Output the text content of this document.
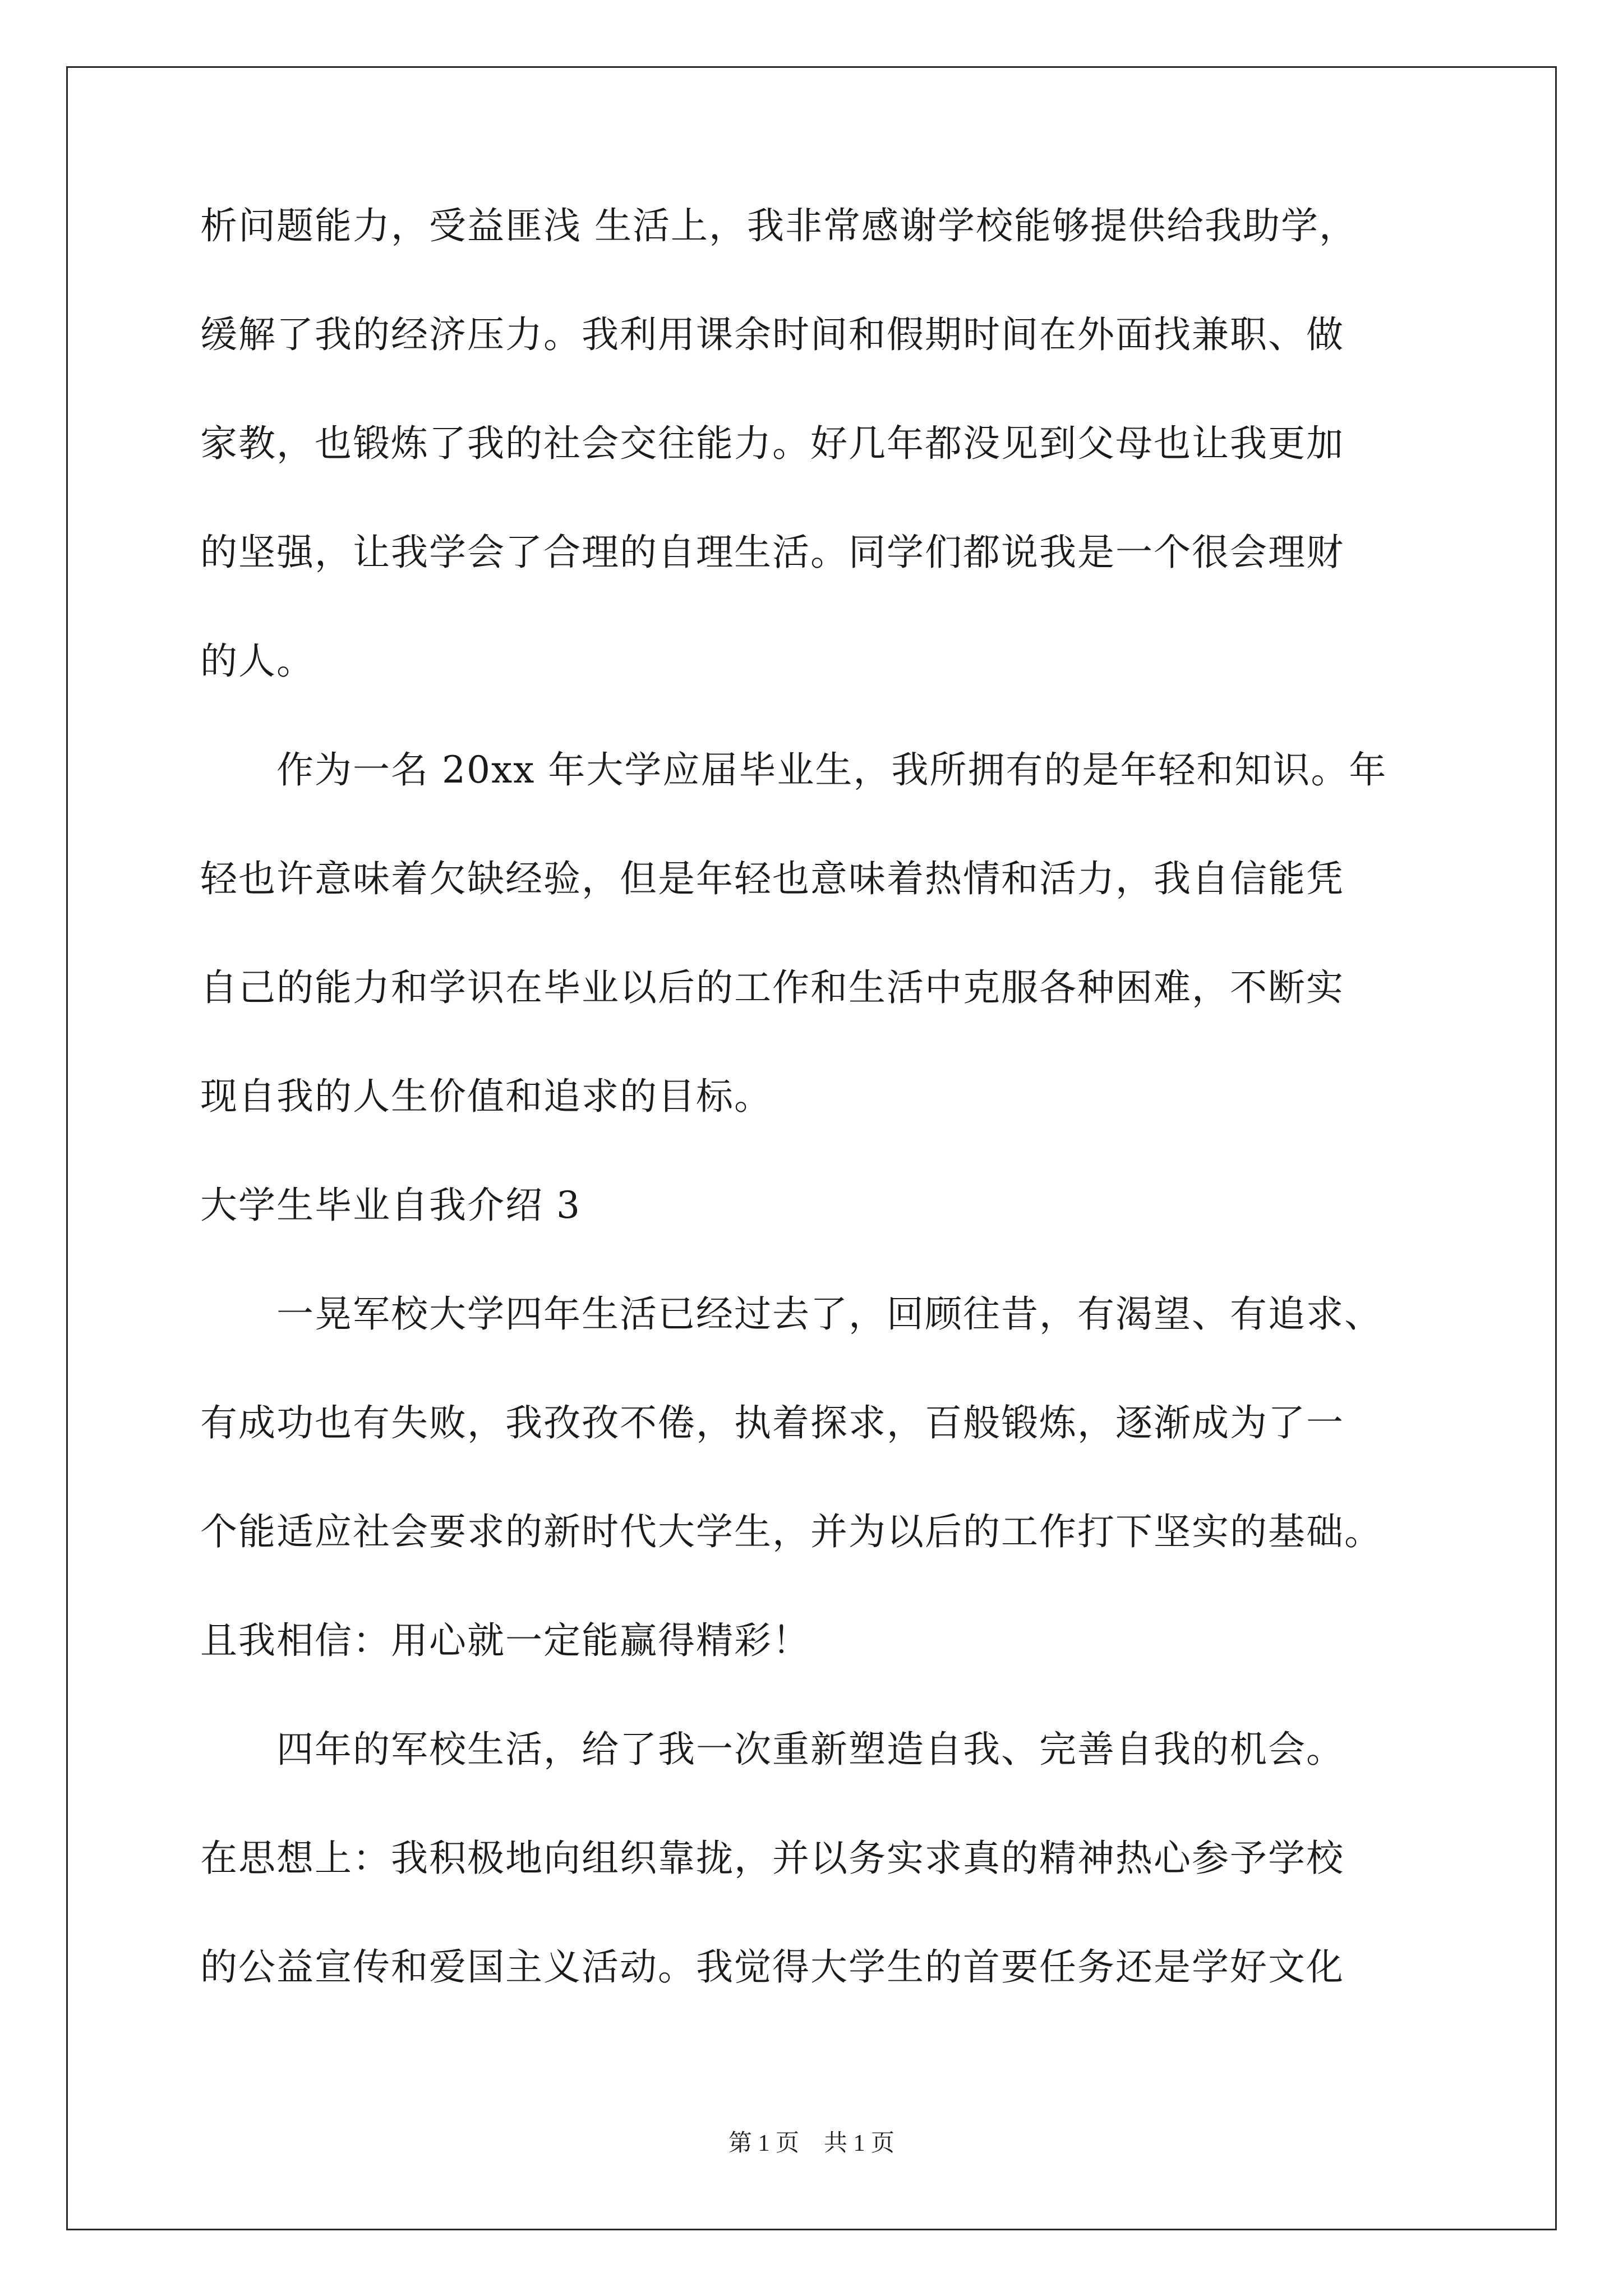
析问题能力，受益匪浅 生活上，我非常感谢学校能够提供给我助学，
缓解了我的经济压力。我利用课余时间和假期时间在外面找兼职、做
家教，也锻炼了我的社会交往能力。好几年都没见到父母也让我更加
的坚强，让我学会了合理的自理生活。同学们都说我是一个很会理财
的人。
　　作为一名 20xx 年大学应届毕业生，我所拥有的是年轻和知识。年
轻也许意味着欠缺经验，但是年轻也意味着热情和活力，我自信能凭
自己的能力和学识在毕业以后的工作和生活中克服各种困难，不断实
现自我的人生价值和追求的目标。
大学生毕业自我介绍 3
　　一晃军校大学四年生活已经过去了，回顾往昔，有渴望、有追求、
有成功也有失败，我孜孜不倦，执着探求，百般锻炼，逐渐成为了一
个能适应社会要求的新时代大学生，并为以后的工作打下坚实的基础。
且我相信：用心就一定能赢得精彩！
　　四年的军校生活，给了我一次重新塑造自我、完善自我的机会。
在思想上：我积极地向组织靠拢，并以务实求真的精神热心参予学校
的公益宣传和爱国主义活动。我觉得大学生的首要任务还是学好文化
第 1 页 共 1 页
